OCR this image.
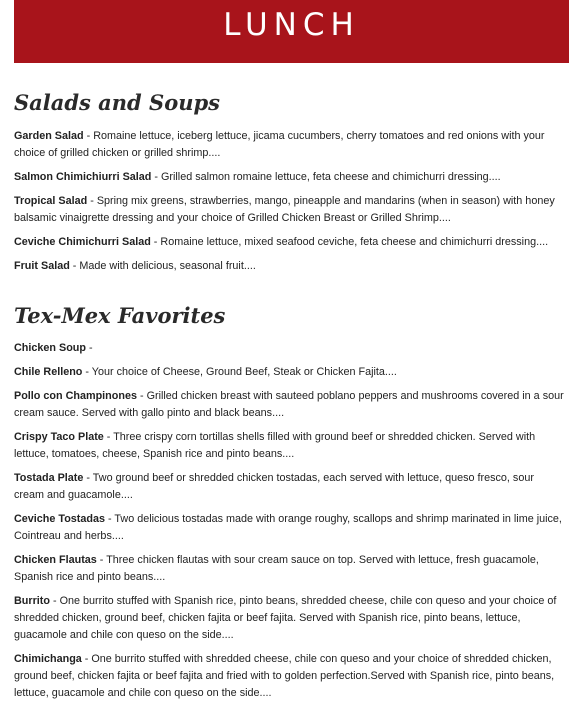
LUNCH
Salads and Soups

Garden Salad - Romaine lettuce, iceberg lettuce, jicama cucumbers, cherry tomatoes and red onions with your choice of grilled chicken or grilled shrimp....

Salmon Chimichiurri Salad - Grilled salmon romaine lettuce, feta cheese and chimichurri dressing....

Tropical Salad - Spring mix greens, strawberries, mango, pineapple and mandarins (when in season) with honey balsamic vinaigrette dressing and your choice of Grilled Chicken Breast or Grilled Shrimp....

Ceviche Chimichurri Salad - Romaine lettuce, mixed seafood ceviche, feta cheese and chimichurri dressing....

Fruit Salad - Made with delicious, seasonal fruit....

Tex-Mex Favorites

Chicken Soup -

Chile Relleno - Your choice of Cheese, Ground Beef, Steak or Chicken Fajita....

Pollo con Champinones - Grilled chicken breast with sauteed poblano peppers and mushrooms covered in a sour cream sauce. Served with gallo pinto and black beans....

Crispy Taco Plate - Three crispy corn tortillas shells filled with ground beef or shredded chicken. Served with lettuce, tomatoes, cheese, Spanish rice and pinto beans....

Tostada Plate - Two ground beef or shredded chicken tostadas, each served with lettuce, queso fresco, sour cream and guacamole....

Ceviche Tostadas - Two delicious tostadas made with orange roughy, scallops and shrimp marinated in lime juice, Cointreau and herbs....

Chicken Flautas - Three chicken flautas with sour cream sauce on top. Served with lettuce, fresh guacamole, Spanish rice and pinto beans....

Burrito - One burrito stuffed with Spanish rice, pinto beans, shredded cheese, chile con queso and your choice of shredded chicken, ground beef, chicken fajita or beef fajita. Served with Spanish rice, pinto beans, lettuce, guacamole and chile con queso on the side....

Chimichanga - One burrito stuffed with shredded cheese, chile con queso and your choice of shredded chicken, ground beef, chicken fajita or beef fajita and fried with to golden perfection.Served with Spanish rice, pinto beans, lettuce, guacamole and chile con queso on the side....
